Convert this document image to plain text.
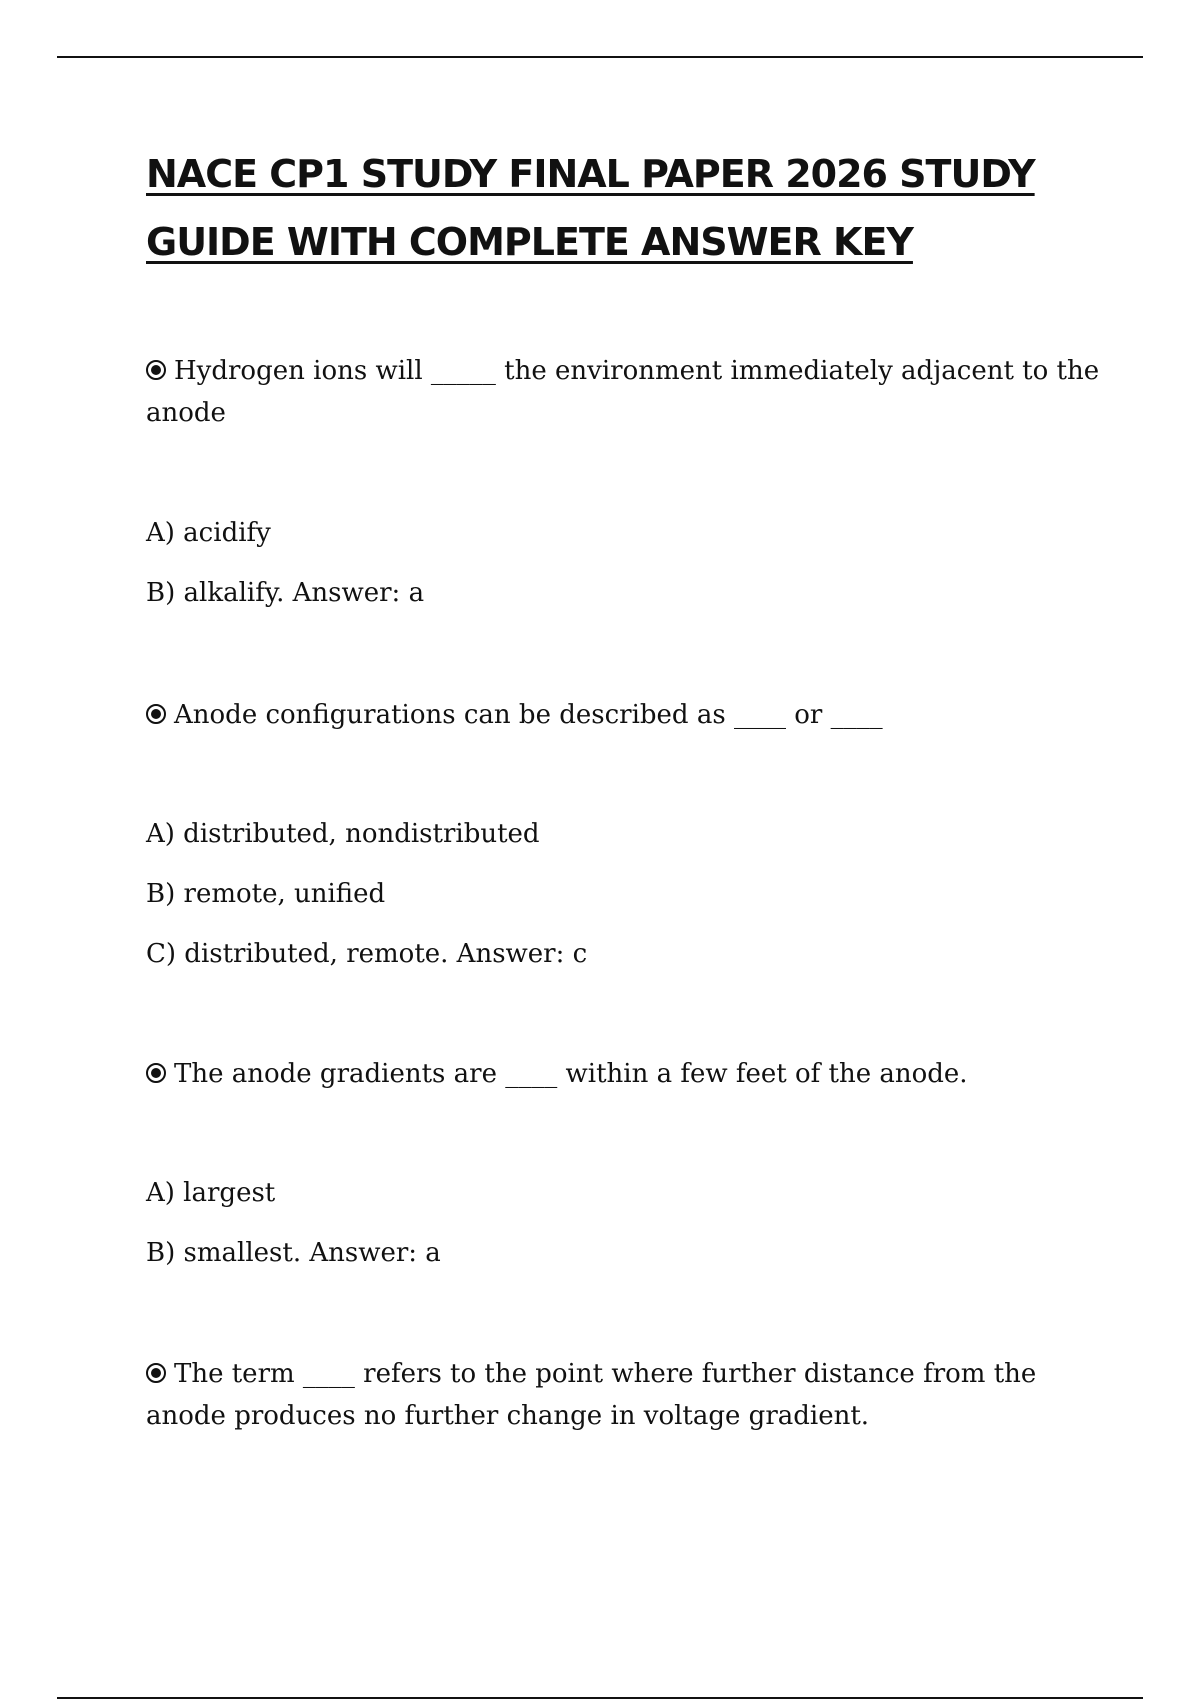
NACE CP1 STUDY FINAL PAPER 2026 STUDY GUIDE WITH COMPLETE ANSWER KEY

Hydrogen ions will _____ the environment immediately adjacent to the anode

A) acidify

B) alkalify. Answer: a

Anode configurations can be described as ____ or ____

A) distributed, nondistributed

B) remote, unified

C) distributed, remote. Answer: c

The anode gradients are ____ within a few feet of the anode.

A) largest

B) smallest. Answer: a

The term ____ refers to the point where further distance from the anode produces no further change in voltage gradient.
